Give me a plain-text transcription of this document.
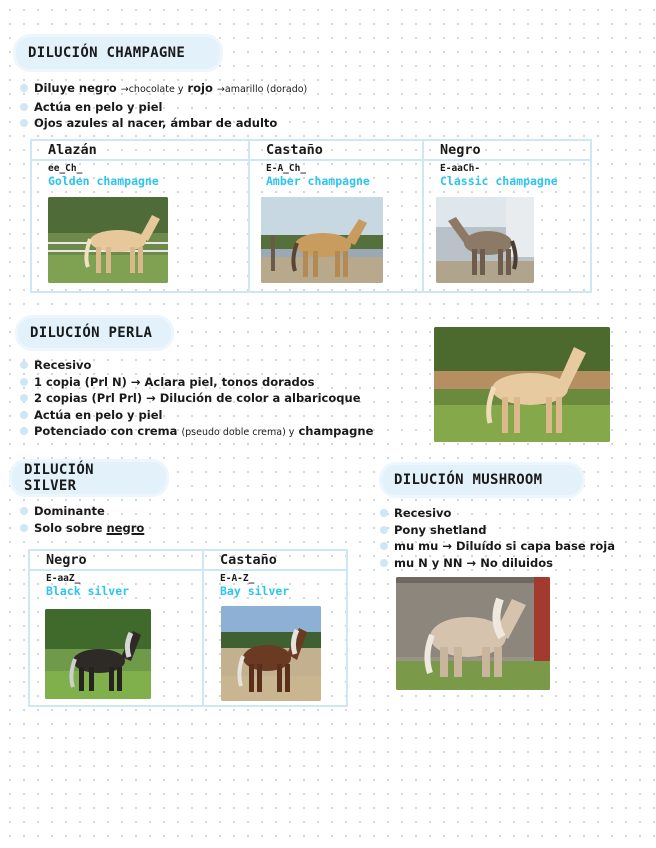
DILUCIÓN CHAMPAGNE
Diluye negro →chocolate y rojo →amarillo (dorado)
Actúa en pelo y piel
Ojos azules al nacer, ámbar de adulto
Alazán
ee_Ch_
Golden champagne
Castaño
E-A_Ch_
Amber champagne
Negro
E-aaCh-
Classic champagne
DILUCIÓN PERLA
Recesivo
1 copia (Prl N) → Aclara piel, tonos dorados
2 copias (Prl Prl) → Dilución de color a albaricoque
Actúa en pelo y piel
Potenciado con crema (pseudo doble crema) y champagne
DILUCIÓN SILVER
Dominante
Solo sobre negro
Negro
E-aaZ_
Black silver
Castaño
E-A-Z_
Bay silver
DILUCIÓN MUSHROOM
Recesivo
Pony shetland
mu mu → Diluído si capa base roja
mu N y NN → No diluidos
